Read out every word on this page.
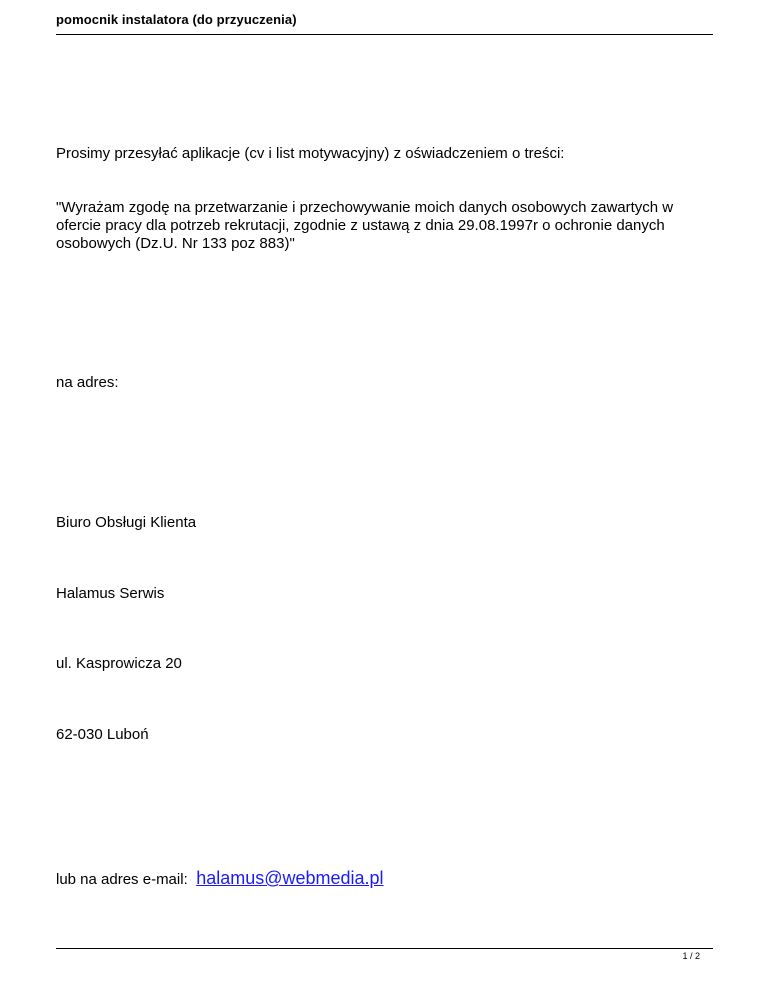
pomocnik instalatora (do przyuczenia)
Prosimy przesyłać aplikacje (cv i list motywacyjny) z oświadczeniem o treści:
"Wyrażam zgodę na przetwarzanie i przechowywanie moich danych osobowych zawartych w
ofercie pracy dla potrzeb rekrutacji, zgodnie z ustawą z dnia 29.08.1997r o ochronie danych
osobowych (Dz.U. Nr 133 poz 883)"
na adres:
Biuro Obsługi Klienta
Halamus Serwis
ul. Kasprowicza 20
62-030 Luboń
lub na adres e-mail: halamus@webmedia.pl
1 / 2
